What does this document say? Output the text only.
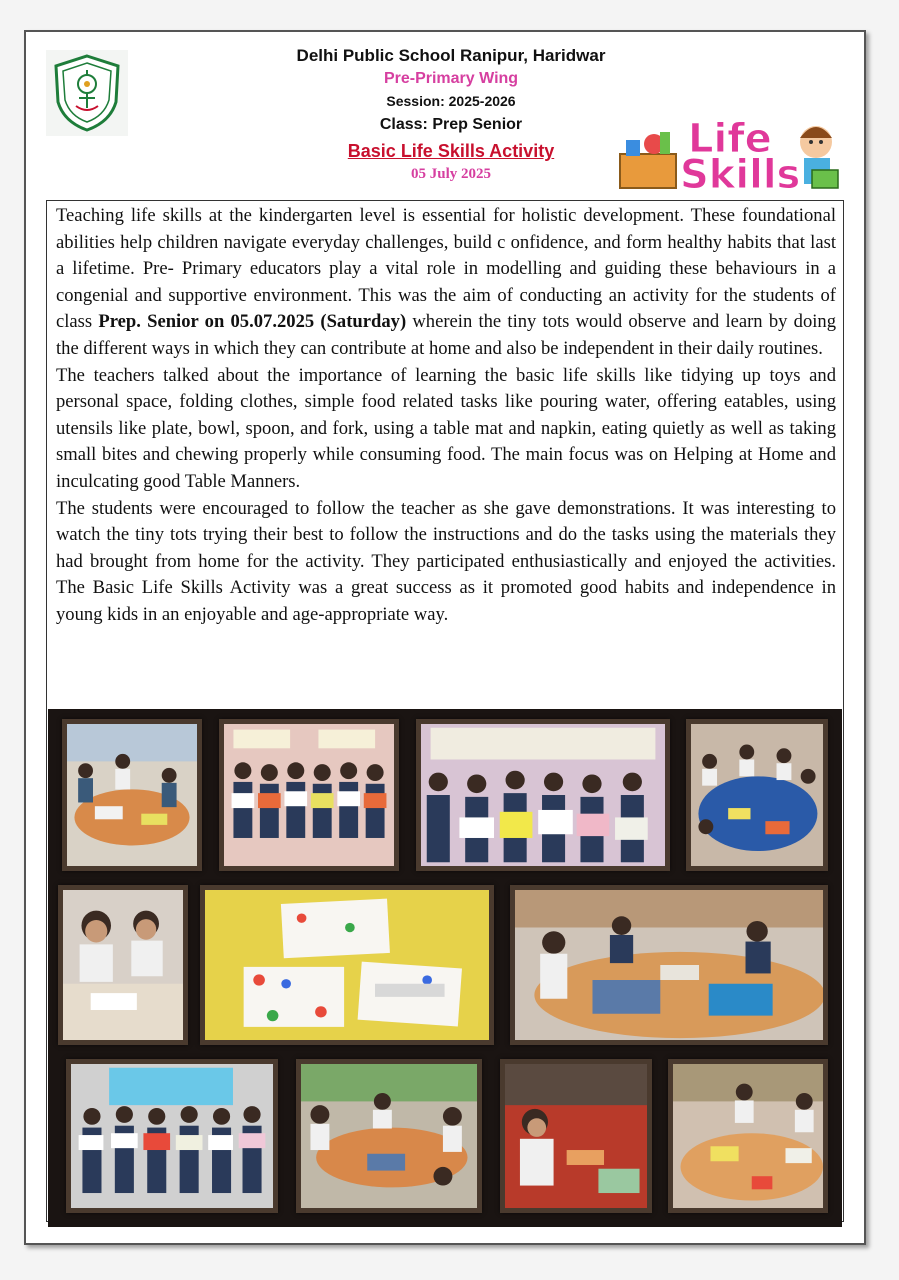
Delhi Public School Ranipur, Haridwar

Pre-Primary Wing

Session: 2025-2026

Class: Prep Senior

Basic Life Skills Activity

05 July 2025

Life
Skills

Teaching life skills at the kindergarten level is essential for holistic development. These foundational abilities help children navigate everyday challenges, build c onfidence, and form healthy habits that last a lifetime. Pre- Primary educators play a vital role in modelling and guiding these behaviours in a congenial and supportive environment. This was the aim of conducting an activity for the students of class Prep. Senior on 05.07.2025 (Saturday) wherein the tiny tots would observe and learn by doing the different ways in which they can contribute at home and also be independent in their daily routines.

The teachers talked about the importance of learning the basic life skills like tidying up toys and personal space, folding clothes, simple food related tasks like pouring water, offering eatables, using utensils like plate, bowl, spoon, and fork, using a table mat and napkin, eating quietly as well as taking small bites and chewing properly while consuming food. The main focus was on Helping at Home and inculcating good Table Manners.

The students were encouraged to follow the teacher as she gave demonstrations. It was interesting to watch the tiny tots trying their best to follow the instructions and do the tasks using the materials they had brought from home for the activity. They participated enthusiastically and enjoyed the activities. The Basic Life Skills Activity was a great success as it promoted good habits and independence in young kids in an enjoyable and age-appropriate way.
